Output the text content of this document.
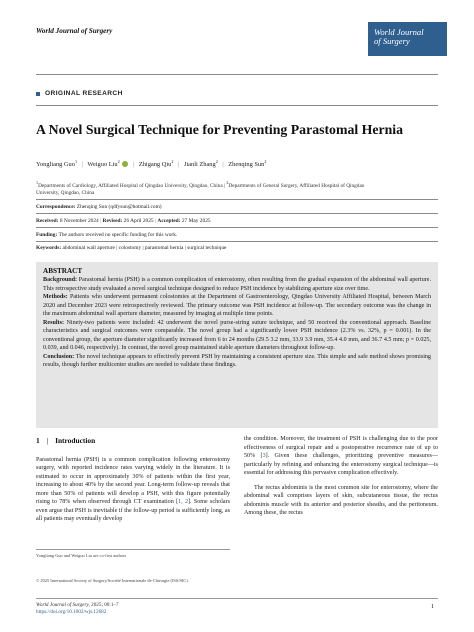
World Journal of Surgery	World Journal
of Surgery
ORIGINAL RESEARCH
A Novel Surgical Technique for Preventing Parastomal Hernia
Yongliang Guo$^1$ | Weiguo Liu$^2$ | Zhigang Qiu$^2$ | Jianli Zhang$^2$ | Zhenqing Sun$^2$
$^1$Departments of Cardiology, Affiliated Hospital of Qingdao University, Qingdao, China | $^2$Departments of General Surgery, Affiliated Hospital of Qingdao
University, Qingdao, China
Correspondence: Zhenqing Sun (qdfysun@hotmail.com)
Received: 8 November 2024 | Revised: 26 April 2025 | Accepted: 27 May 2025
Funding: The authors received no specific funding for this work.
Keywords: abdominal wall aperture | colostomy | parastomal hernia | surgical technique
ABSTRACT

Background: Parastomal hernia (PSH) is a common complication of enterostomy, often resulting from the gradual expansion of the abdominal wall aperture. This retrospective study evaluated a novel surgical technique designed to reduce PSH incidence by stabilizing aperture size over time.

Methods: Patients who underwent permanent colostomies at the Department of Gastroenterology, Qingdao University Affiliated Hospital, between March 2020 and December 2023 were retrospectively reviewed. The primary outcome was PSH incidence at follow-up. The secondary outcome was the change in the maximum abdominal wall aperture diameter, measured by imaging at multiple time points.

Results: Ninety-two patients were included: 42 underwent the novel purse-string suture technique, and 50 received the conventional approach. Baseline characteristics and surgical outcomes were comparable. The novel group had a significantly lower PSH incidence (2.3% vs. 32%, p = 0.001). In the conventional group, the aperture diameter significantly increased from 6 to 24 months (29.5 3.2 mm, 33.9 3.9 mm, 35.4 4.0 mm, and 36.7 4.5 mm; p = 0.025, 0.039, and 0.046, respectively). In contrast, the novel group maintained stable aperture diameters throughout follow-up.

Conclusion: The novel technique appears to effectively prevent PSH by maintaining a consistent aperture size. This simple and safe method shows promising results, though further multicenter studies are needed to validate these findings.

1 | Introduction

Parastomal hernia (PSH) is a common complication following enterostomy surgery, with reported incidence rates varying widely in the literature. It is estimated to occur in approximately 30% of patients within the first year, increasing to about 40% by the second year. Long-term follow-up reveals that more than 50% of patients will develop a PSH, with this figure potentially rising to 78% when observed through CT examination [1, 2]. Some scholars even argue that PSH is inevitable if the follow-up period is sufficiently long, as all patients may eventually develop

the condition. Moreover, the treatment of PSH is challenging due to the poor effectiveness of surgical repair and a postoperative recurrence rate of up to 50% [3]. Given these challenges, prioritizing preventive measures—particularly by refining and enhancing the enterostomy surgical technique—is essential for addressing this pervasive complication effectively.

The rectus abdominis is the most common site for enterostomy, where the abdominal wall comprises layers of skin, subcutaneous tissue, the rectus abdominis muscle with its anterior and posterior sheaths, and the peritoneum. Among these, the rectus

Yongliang Guo and Weiguo Liu are co-first authors
© 2025 International Society of Surgery/Société Internationale de Chirurgie (ISS/SIC).
World Journal of Surgery, 2025; 00:1–7
https://doi.org/10.1002/wjs.12682
1
